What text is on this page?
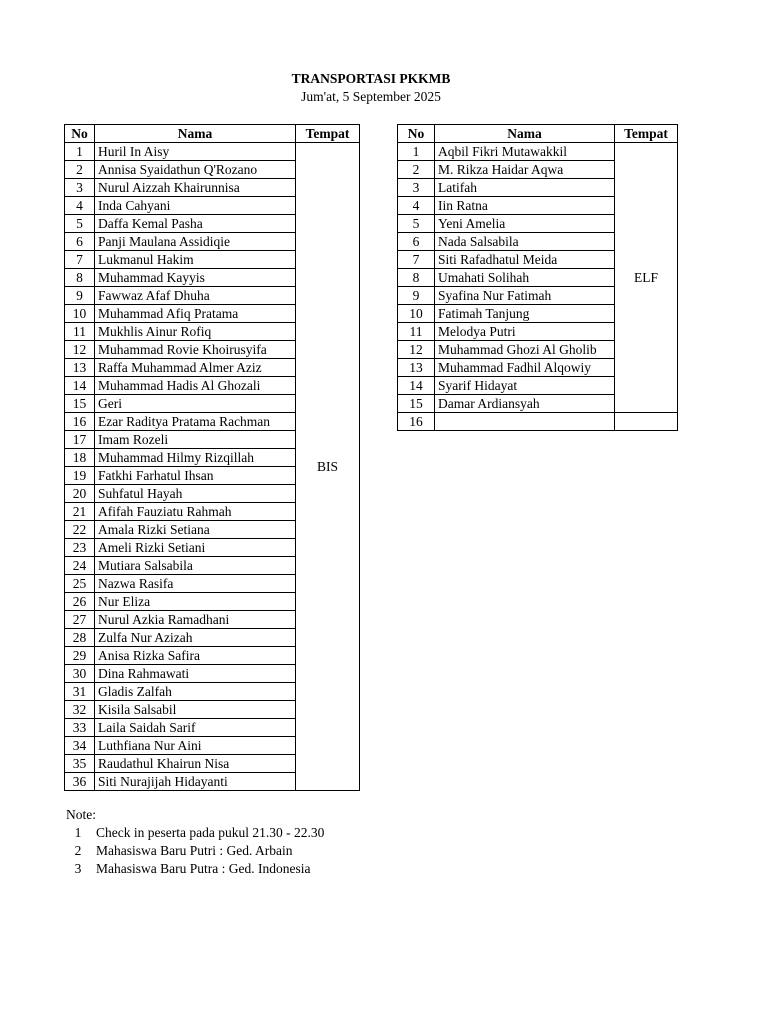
TRANSPORTASI PKKMB
Jum'at, 5 September 2025
No	Nama	Tempat
1	Huril In Aisy	BIS
2	Annisa Syaidathun Q'Rozano	
3	Nurul Aizzah Khairunnisa	
4	Inda Cahyani	
5	Daffa Kemal Pasha	
6	Panji Maulana Assidiqie	
7	Lukmanul Hakim	
8	Muhammad Kayyis	
9	Fawwaz Afaf Dhuha	
10	Muhammad Afiq Pratama	
11	Mukhlis Ainur Rofiq	
12	Muhammad Rovie Khoirusyifa	
13	Raffa Muhammad Almer Aziz	
14	Muhammad Hadis Al Ghozali	
15	Geri	
16	Ezar Raditya Pratama Rachman	
17	Imam Rozeli	
18	Muhammad Hilmy Rizqillah	
19	Fatkhi Farhatul Ihsan	
20	Suhfatul Hayah	
21	Afifah Fauziatu Rahmah	
22	Amala Rizki Setiana	
23	Ameli Rizki Setiani	
24	Mutiara Salsabila	
25	Nazwa Rasifa	
26	Nur Eliza	
27	Nurul Azkia Ramadhani	
28	Zulfa Nur Azizah	
29	Anisa Rizka Safira	
30	Dina Rahmawati	
31	Gladis Zalfah	
32	Kisila Salsabil	
33	Laila Saidah Sarif	
34	Luthfiana Nur Aini	
35	Raudathul Khairun Nisa	
36	Siti Nurajijah Hidayanti	
No	Nama	Tempat
1	Aqbil Fikri Mutawakkil	ELF
2	M. Rikza Haidar Aqwa	
3	Latifah	
4	Iin Ratna	
5	Yeni Amelia	
6	Nada Salsabila	
7	Siti Rafadhatul Meida	
8	Umahati Solihah	
9	Syafina Nur Fatimah	
10	Fatimah Tanjung	
11	Melodya Putri	
12	Muhammad Ghozi Al Gholib	
13	Muhammad Fadhil Alqowiy	
14	Syarif Hidayat	
15	Damar Ardiansyah	
16		
Note:
1	Check in peserta pada pukul 21.30 - 22.30
2	Mahasiswa Baru Putri : Ged. Arbain
3	Mahasiswa Baru Putra : Ged. Indonesia
